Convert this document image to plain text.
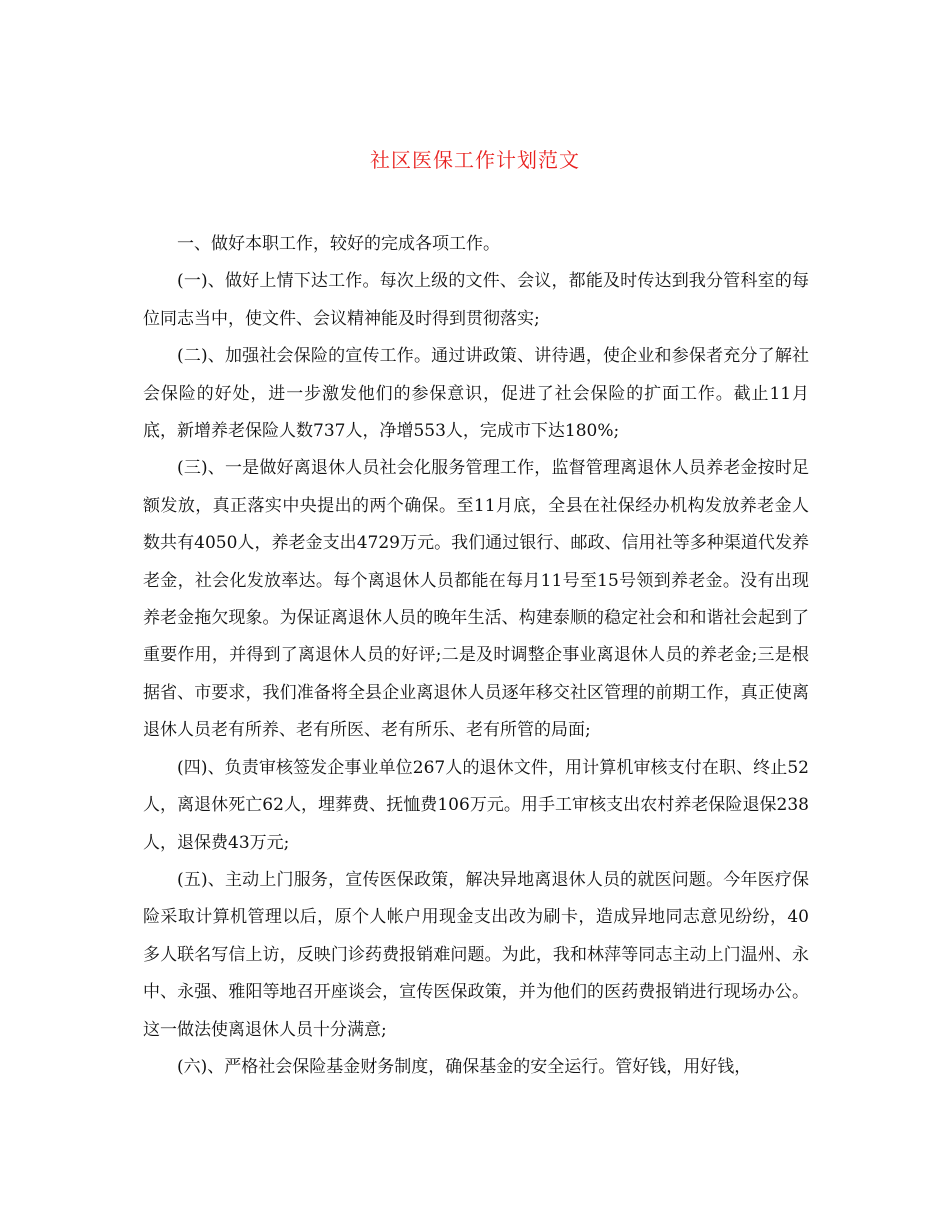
社区医保工作计划范文

一、做好本职工作，较好的完成各项工作。

(一)、做好上情下达工作。每次上级的文件、会议，都能及时传达到我分管科室的每位同志当中，使文件、会议精神能及时得到贯彻落实;

(二)、加强社会保险的宣传工作。通过讲政策、讲待遇，使企业和参保者充分了解社会保险的好处，进一步激发他们的参保意识，促进了社会保险的扩面工作。截止11月底，新增养老保险人数737人，净增553人，完成市下达180%;

(三)、一是做好离退休人员社会化服务管理工作，监督管理离退休人员养老金按时足额发放，真正落实中央提出的两个确保。至11月底，全县在社保经办机构发放养老金人数共有4050人，养老金支出4729万元。我们通过银行、邮政、信用社等多种渠道代发养老金，社会化发放率达。每个离退休人员都能在每月11号至15号领到养老金。没有出现养老金拖欠现象。为保证离退休人员的晚年生活、构建泰顺的稳定社会和和谐社会起到了重要作用，并得到了离退休人员的好评;二是及时调整企事业离退休人员的养老金;三是根据省、市要求，我们准备将全县企业离退休人员逐年移交社区管理的前期工作，真正使离退休人员老有所养、老有所医、老有所乐、老有所管的局面;

(四)、负责审核签发企事业单位267人的退休文件，用计算机审核支付在职、终止52人，离退休死亡62人，埋葬费、抚恤费106万元。用手工审核支出农村养老保险退保238人，退保费43万元;

(五)、主动上门服务，宣传医保政策，解决异地离退休人员的就医问题。今年医疗保险采取计算机管理以后，原个人帐户用现金支出改为刷卡，造成异地同志意见纷纷，40多人联名写信上访，反映门诊药费报销难问题。为此，我和林萍等同志主动上门温州、永中、永强、雅阳等地召开座谈会，宣传医保政策，并为他们的医药费报销进行现场办公。这一做法使离退休人员十分满意;

(六)、严格社会保险基金财务制度，确保基金的安全运行。管好钱，用好钱，
